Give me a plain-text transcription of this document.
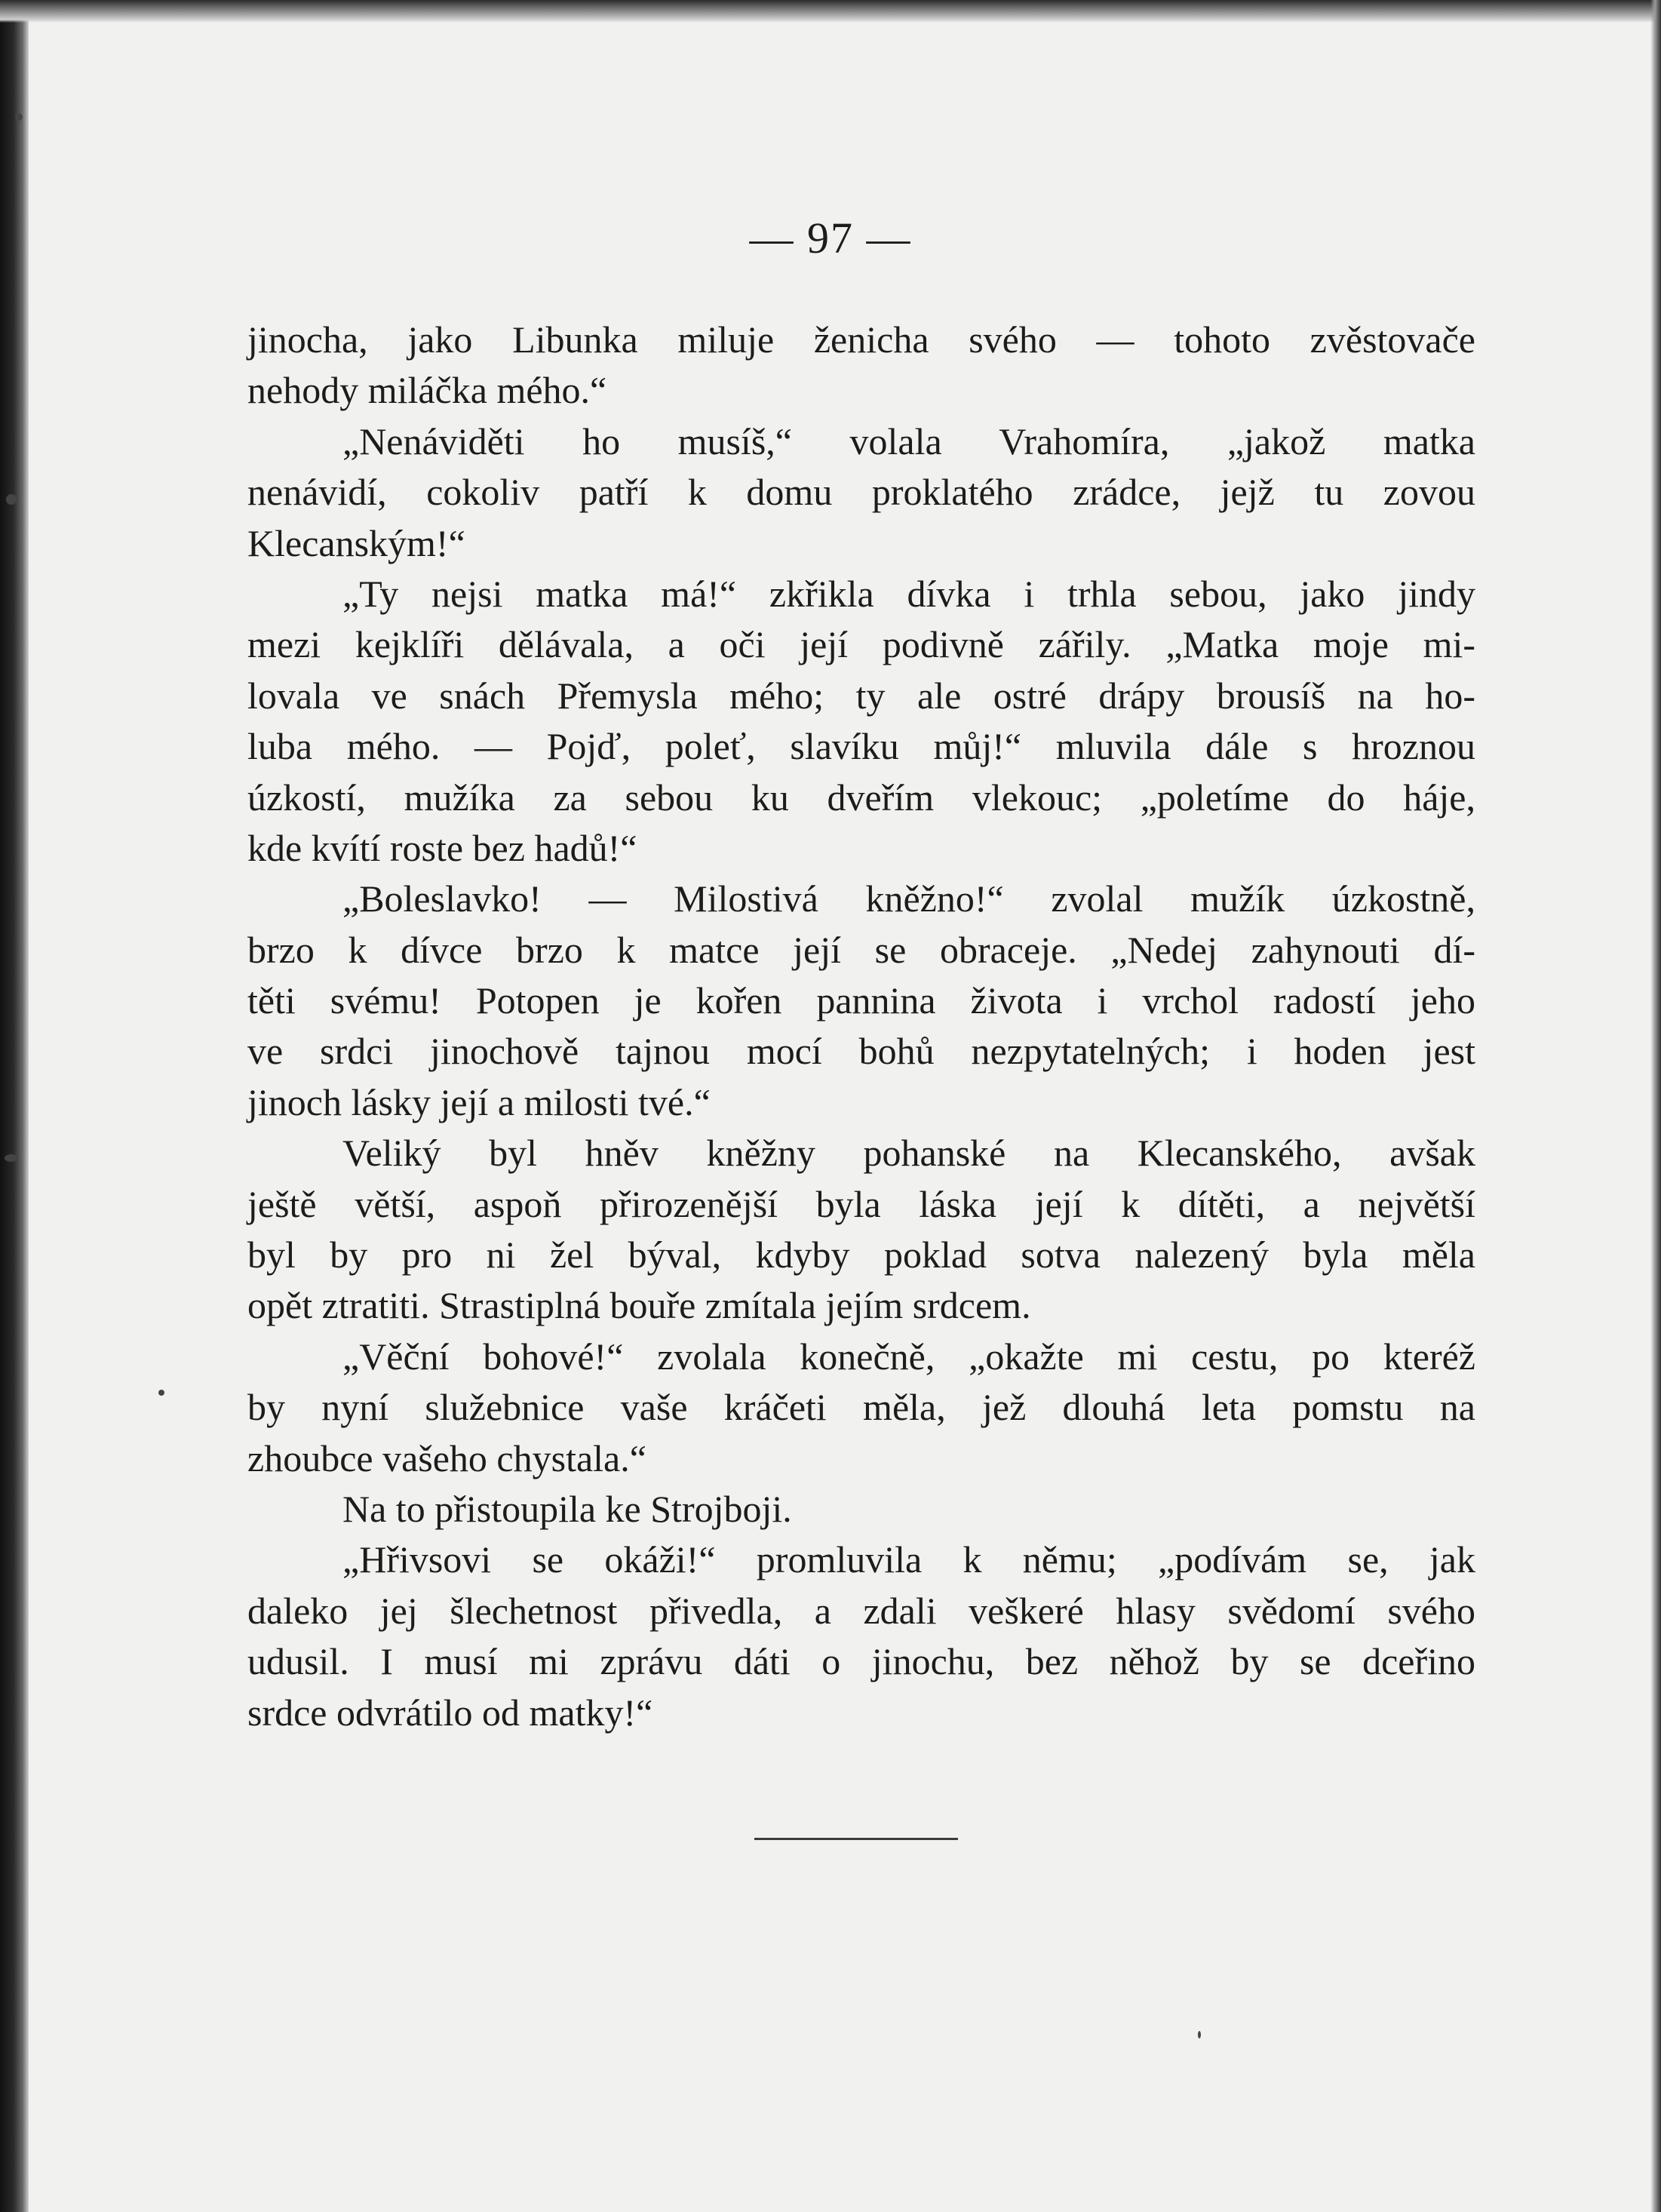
— 97 —
jinocha, jako Libunka miluje ženicha svého — tohoto zvěstovače
nehody miláčka mého.“
„Nenáviděti ho musíš,“ volala Vrahomíra, „jakož matka
nenávidí, cokoliv patří k domu proklatého zrádce, jejž tu zovou
Klecanským!“
„Ty nejsi matka má!“ zkřikla dívka i trhla sebou, jako jindy
mezi kejklíři dělávala, a oči její podivně zářily. „Matka moje mi-
lovala ve snách Přemysla mého; ty ale ostré drápy brousíš na ho-
luba mého. — Pojď, poleť, slavíku můj!“ mluvila dále s hroznou
úzkostí, mužíka za sebou ku dveřím vlekouc; „poletíme do háje,
kde kvítí roste bez hadů!“
„Boleslavko! — Milostivá kněžno!“ zvolal mužík úzkostně,
brzo k dívce brzo k matce její se obraceje. „Nedej zahynouti dí-
těti svému! Potopen je kořen pannina života i vrchol radostí jeho
ve srdci jinochově tajnou mocí bohů nezpytatelných; i hoden jest
jinoch lásky její a milosti tvé.“
Veliký byl hněv kněžny pohanské na Klecanského, avšak
ještě větší, aspoň přirozenější byla láska její k dítěti, a největší
byl by pro ni žel býval, kdyby poklad sotva nalezený byla měla
opět ztratiti. Strastiplná bouře zmítala jejím srdcem.
„Věční bohové!“ zvolala konečně, „okažte mi cestu, po kteréž
by nyní služebnice vaše kráčeti měla, jež dlouhá leta pomstu na
zhoubce vašeho chystala.“
Na to přistoupila ke Strojboji.
„Hřivsovi se okáži!“ promluvila k němu; „podívám se, jak
daleko jej šlechetnost přivedla, a zdali veškeré hlasy svědomí svého
udusil. I musí mi zprávu dáti o jinochu, bez něhož by se dceřino
srdce odvrátilo od matky!“
